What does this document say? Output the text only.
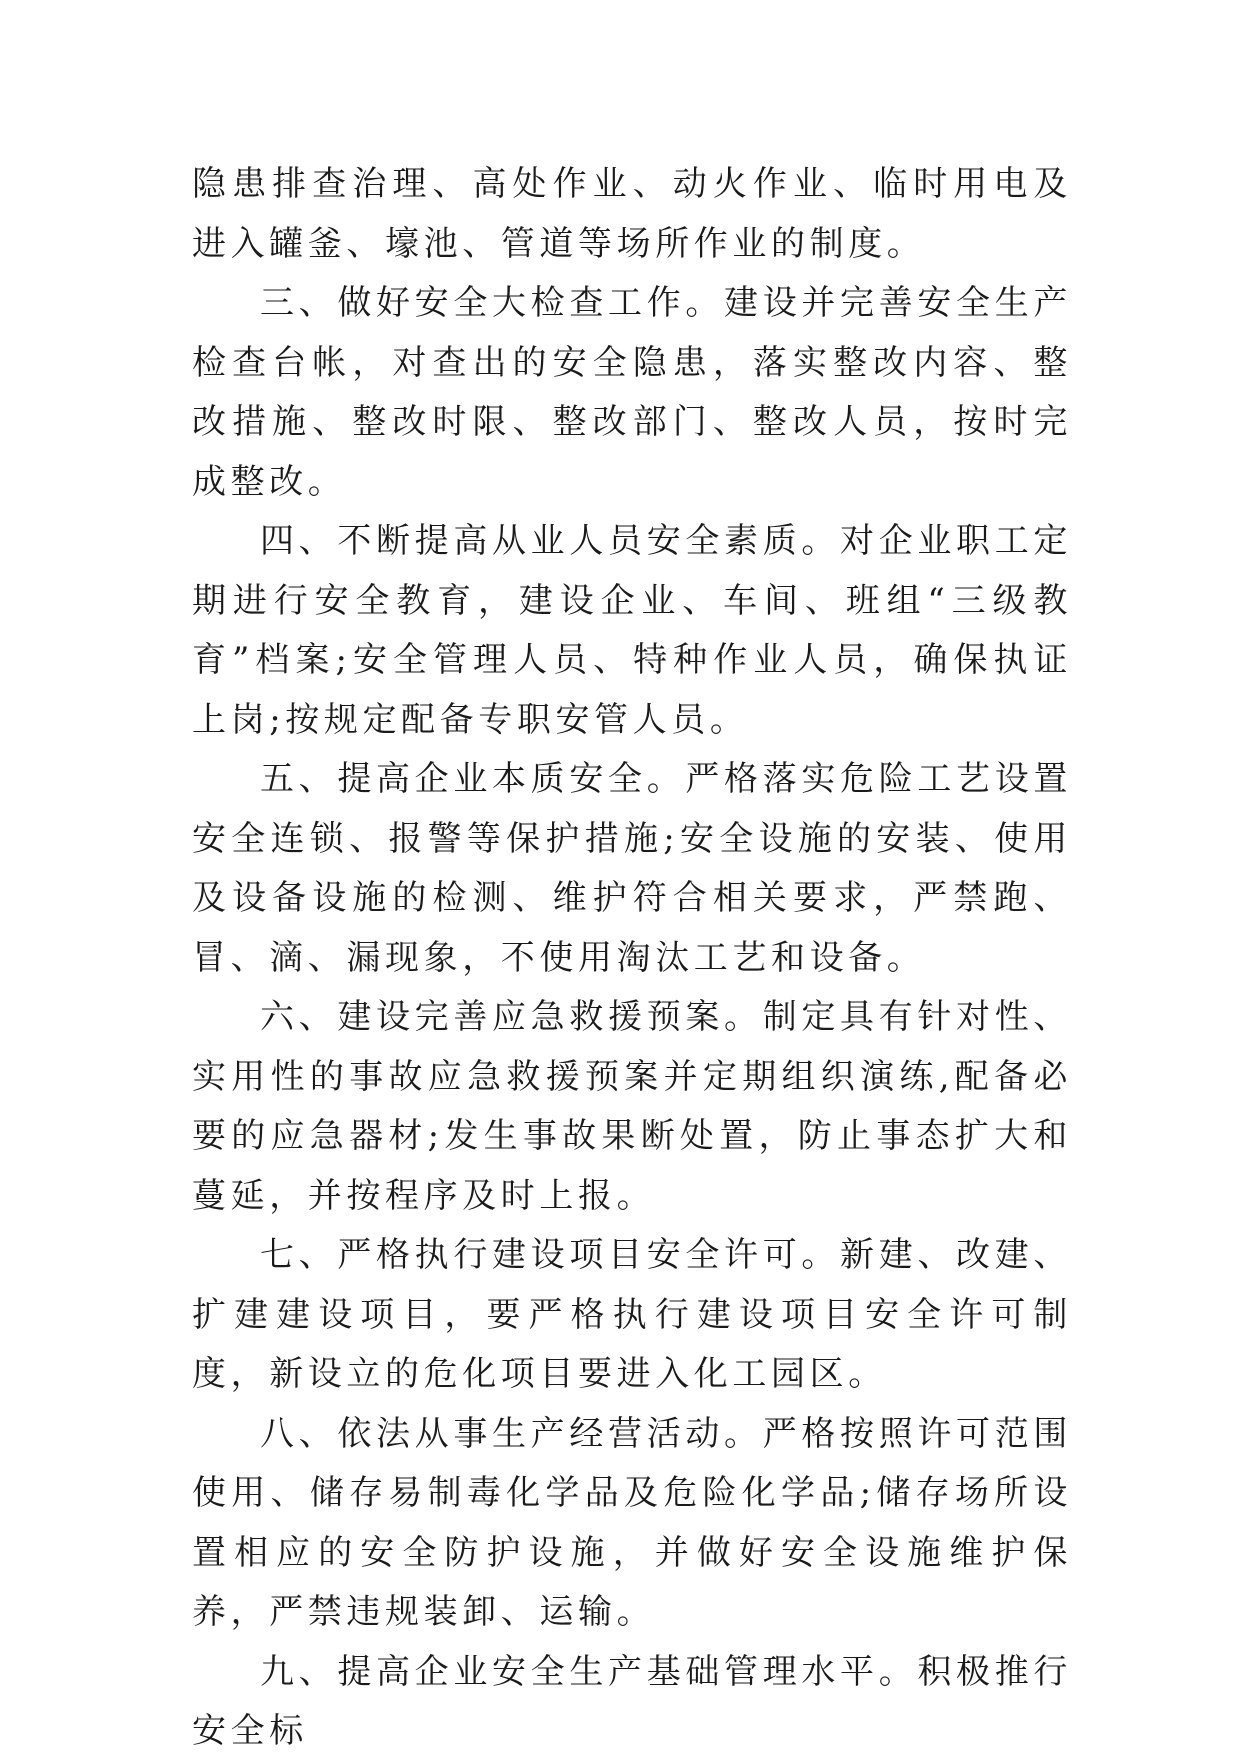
隐患排查治理、高处作业、动火作业、临时用电及进入罐釜、壕池、管道等场所作业的制度。

三、做好安全大检查工作。建设并完善安全生产检查台帐，对查出的安全隐患，落实整改内容、整改措施、整改时限、整改部门、整改人员，按时完成整改。

四、不断提高从业人员安全素质。对企业职工定期进行安全教育，建设企业、车间、班组“三级教育”档案;安全管理人员、特种作业人员，确保执证上岗;按规定配备专职安管人员。

五、提高企业本质安全。严格落实危险工艺设置安全连锁、报警等保护措施;安全设施的安装、使用及设备设施的检测、维护符合相关要求，严禁跑、冒、滴、漏现象，不使用淘汰工艺和设备。

六、建设完善应急救援预案。制定具有针对性、实用性的事故应急救援预案并定期组织演练,配备必要的应急器材;发生事故果断处置，防止事态扩大和蔓延，并按程序及时上报。

七、严格执行建设项目安全许可。新建、改建、扩建建设项目，要严格执行建设项目安全许可制度，新设立的危化项目要进入化工园区。

八、依法从事生产经营活动。严格按照许可范围使用、储存易制毒化学品及危险化学品;储存场所设置相应的安全防护设施，并做好安全设施维护保养，严禁违规装卸、运输。

九、提高企业安全生产基础管理水平。积极推行安全标
